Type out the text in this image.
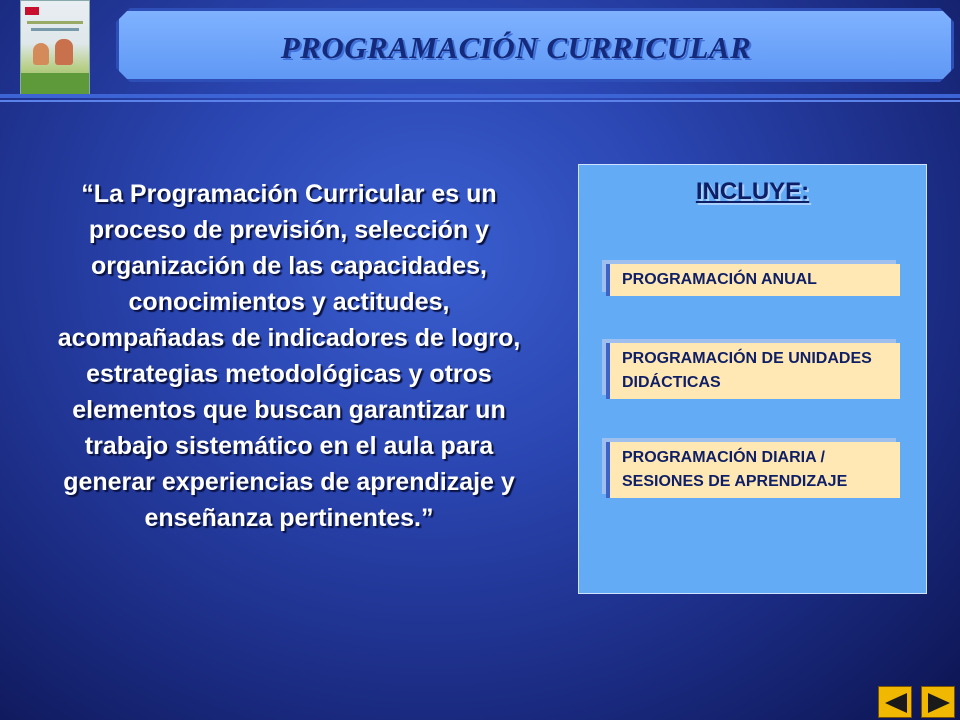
PROGRAMACIÓN CURRICULAR
“La Programación Curricular es un proceso de previsión, selección y organización de las capacidades, conocimientos y actitudes, acompañadas de indicadores de logro, estrategias metodológicas y otros elementos que buscan garantizar un trabajo sistemático en el aula para generar experiencias de aprendizaje y enseñanza pertinentes.”
INCLUYE:
PROGRAMACIÓN ANUAL
PROGRAMACIÓN DE UNIDADES DIDÁCTICAS
PROGRAMACIÓN DIARIA / SESIONES DE APRENDIZAJE
